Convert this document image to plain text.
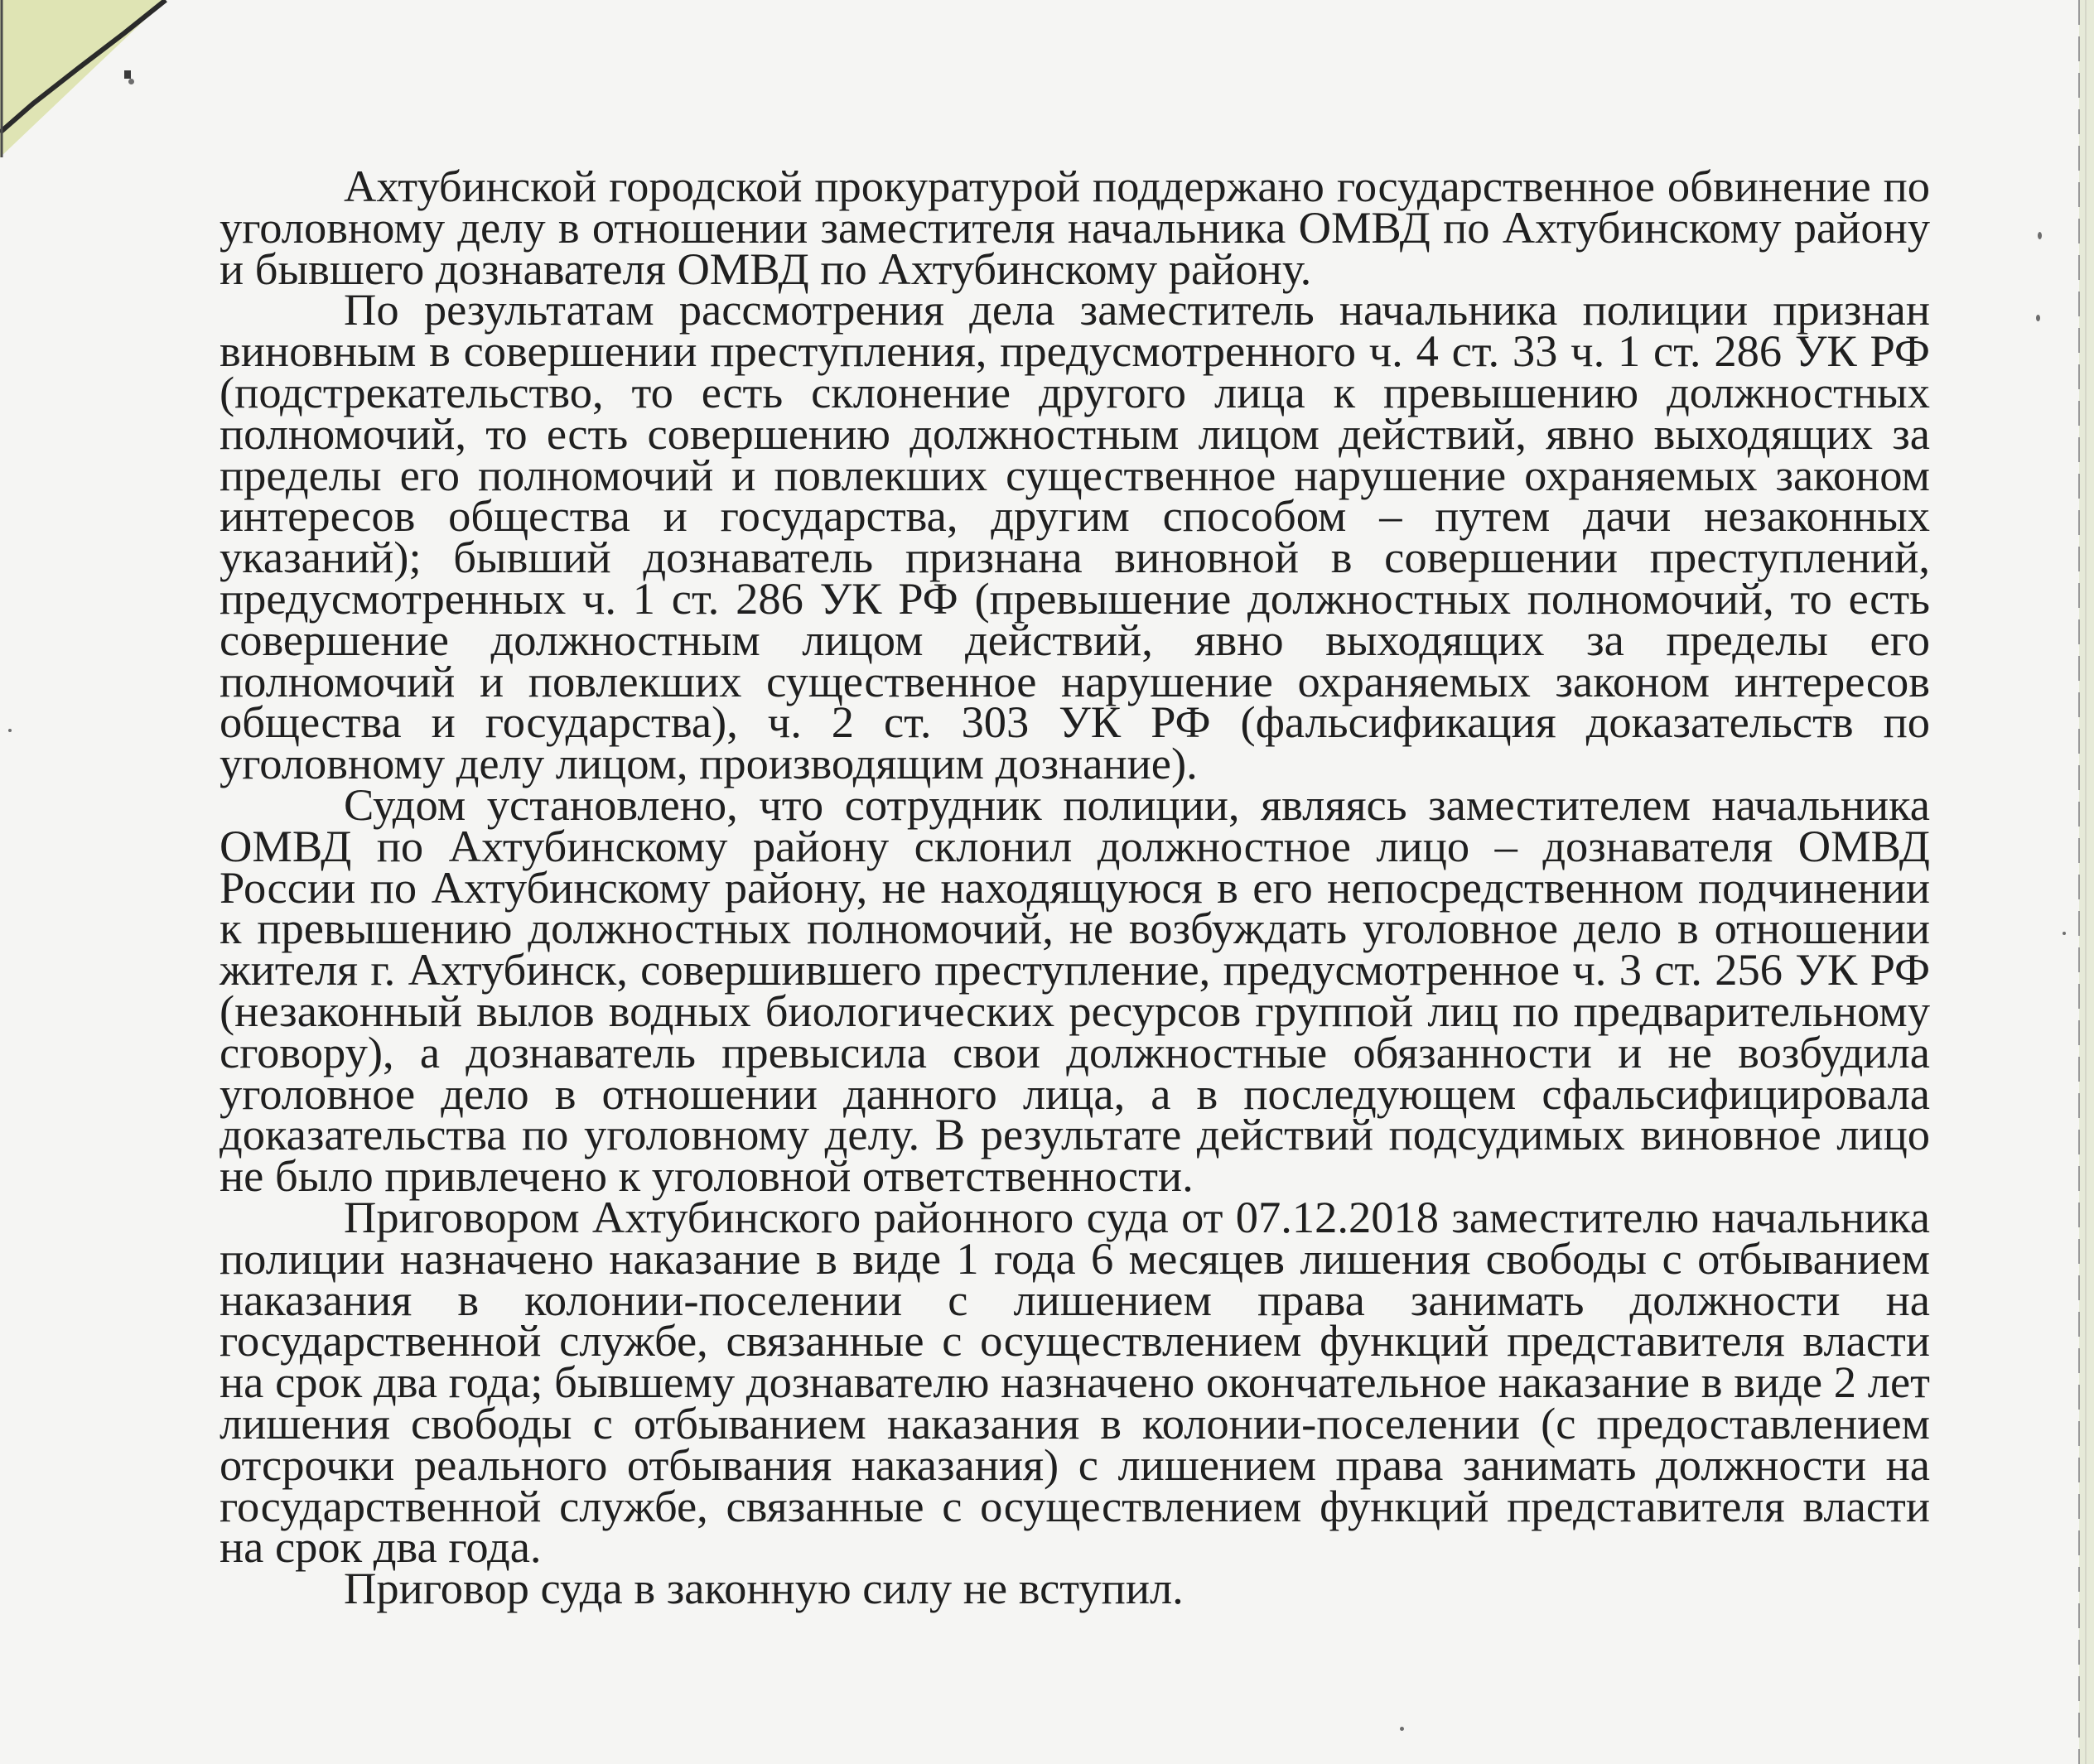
Ахтубинской городской прокуратурой поддержано государственное обвинение по уголовному делу в отношении заместителя начальника ОМВД по Ахтубинскому району и бывшего дознавателя ОМВД по Ахтубинскому району.

По результатам рассмотрения дела заместитель начальника полиции признан виновным в совершении преступления, предусмотренного ч. 4 ст. 33 ч. 1 ст. 286 УК РФ (подстрекательство, то есть склонение другого лица к превышению должностных полномочий, то есть совершению должностным лицом действий, явно выходящих за пределы его полномочий и повлекших существенное нарушение охраняемых законом интересов общества и государства, другим способом – путем дачи незаконных указаний); бывший дознаватель признана виновной в совершении преступлений, предусмотренных ч. 1 ст. 286 УК РФ (превышение должностных полномочий, то есть совершение должностным лицом действий, явно выходящих за пределы его полномочий и повлекших существенное нарушение охраняемых законом интересов общества и государства), ч. 2 ст. 303 УК РФ (фальсификация доказательств по уголовному делу лицом, производящим дознание).

Судом установлено, что сотрудник полиции, являясь заместителем начальника ОМВД по Ахтубинскому району склонил должностное лицо – дознавателя ОМВД России по Ахтубинскому району, не находящуюся в его непосредственном подчинении к превышению должностных полномочий, не возбуждать уголовное дело в отношении жителя г. Ахтубинск, совершившего преступление, предусмотренное ч. 3 ст. 256 УК РФ (незаконный вылов водных биологических ресурсов группой лиц по предварительному сговору), а дознаватель превысила свои должностные обязанности и не возбудила уголовное дело в отношении данного лица, а в последующем сфальсифицировала доказательства по уголовному делу. В результате действий подсудимых виновное лицо не было привлечено к уголовной ответственности.

Приговором Ахтубинского районного суда от 07.12.2018 заместителю начальника полиции назначено наказание в виде 1 года 6 месяцев лишения свободы с отбыванием наказания в колонии-поселении с лишением права занимать должности на государственной службе, связанные с осуществлением функций представителя власти на срок два года; бывшему дознавателю назначено окончательное наказание в виде 2 лет лишения свободы с отбыванием наказания в колонии-поселении (с предоставлением отсрочки реального отбывания наказания) с лишением права занимать должности на государственной службе, связанные с осуществлением функций представителя власти на срок два года.

Приговор суда в законную силу не вступил.
